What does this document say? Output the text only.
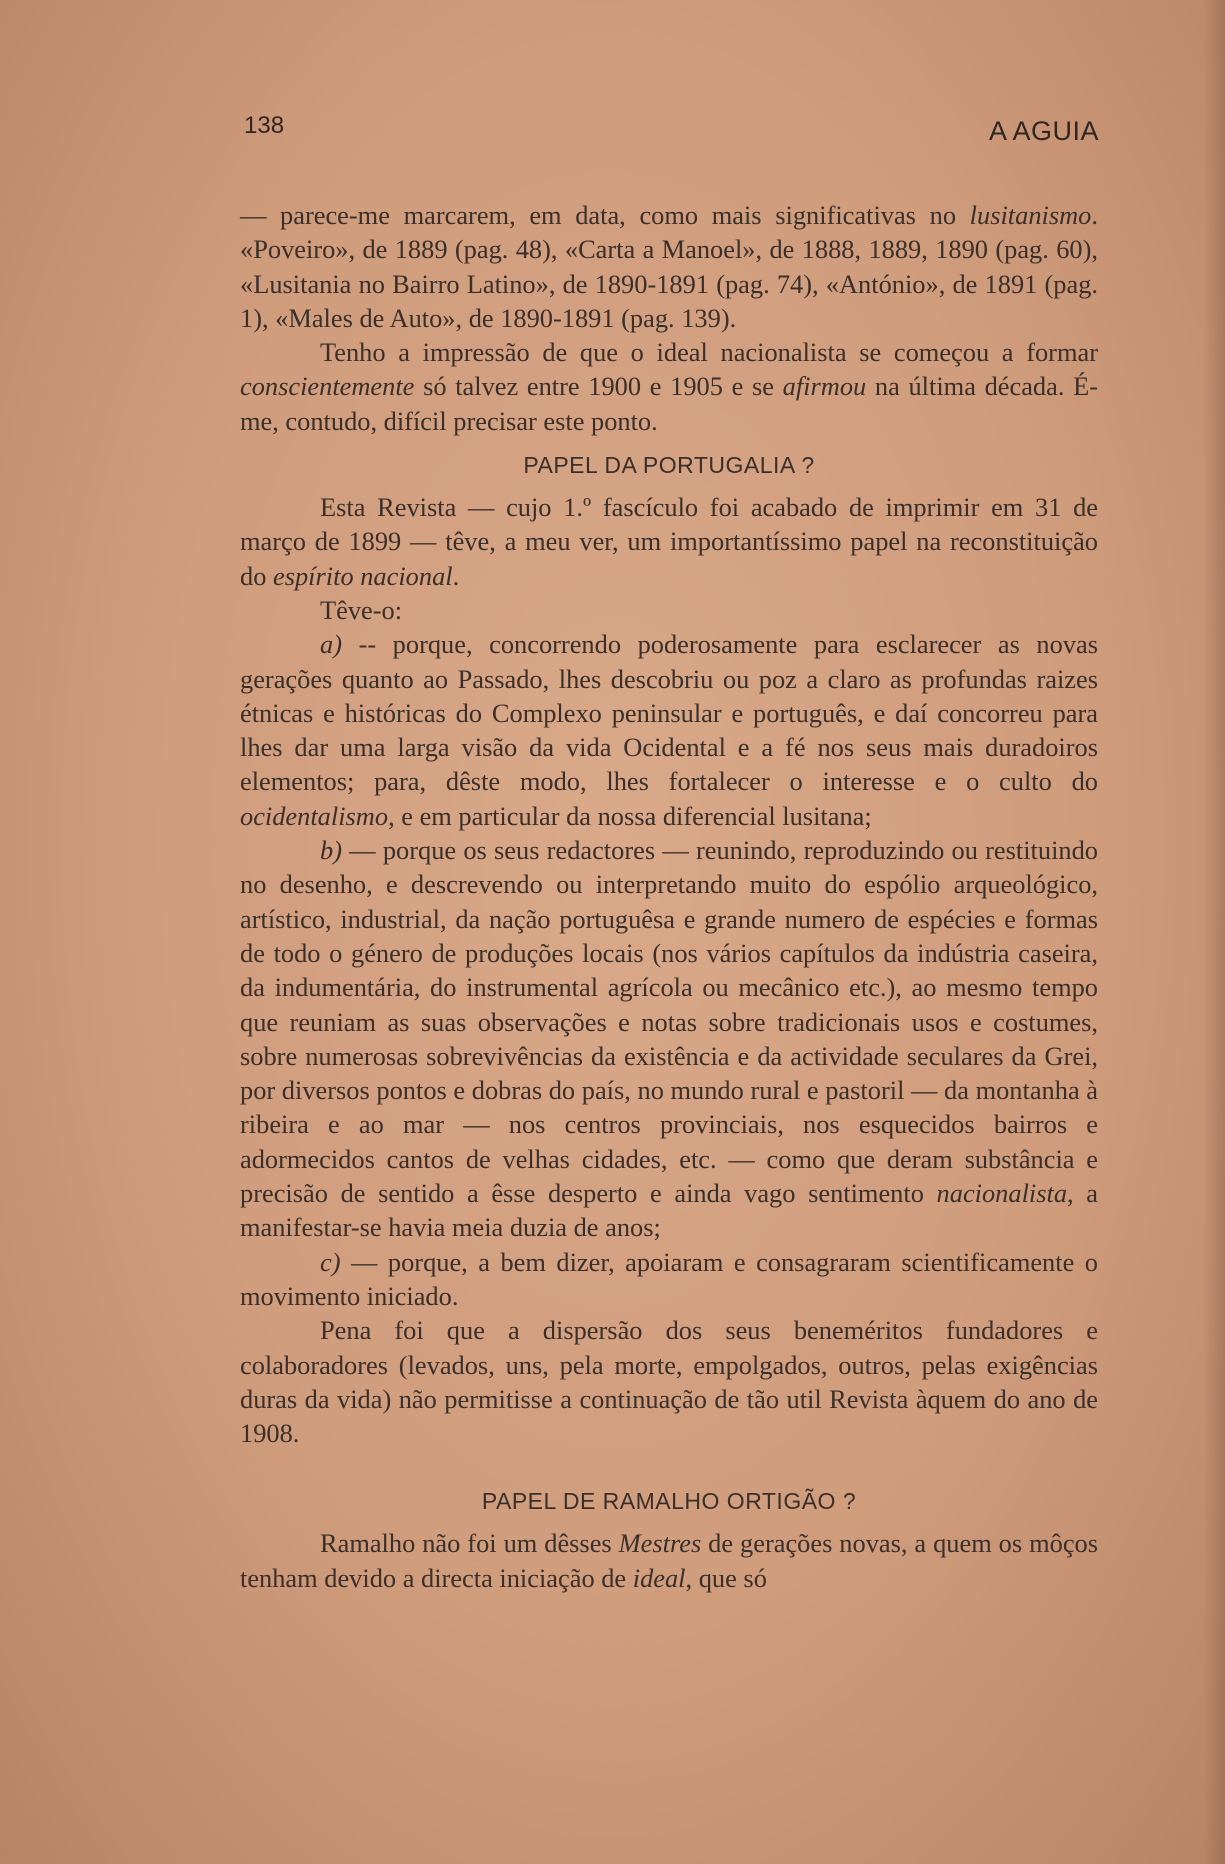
138	A AGUIA

— parece-me marcarem, em data, como mais significativas no lusitanismo. «Poveiro», de 1889 (pag. 48), «Carta a Manoel», de 1888, 1889, 1890 (pag. 60), «Lusitania no Bairro Latino», de 1890-1891 (pag. 74), «António», de 1891 (pag. 1), «Males de Auto», de 1890-1891 (pag. 139).

Tenho a impressão de que o ideal nacionalista se começou a formar conscientemente só talvez entre 1900 e 1905 e se afirmou na última década. É-me, contudo, difícil precisar este ponto.

PAPEL DA PORTUGALIA ?

Esta Revista — cujo 1.º fascículo foi acabado de imprimir em 31 de março de 1899 — têve, a meu ver, um importantíssimo papel na reconstituição do espírito nacional.

Têve-o:

a) -- porque, concorrendo poderosamente para esclarecer as novas gerações quanto ao Passado, lhes descobriu ou poz a claro as profundas raizes étnicas e históricas do Complexo peninsular e português, e daí concorreu para lhes dar uma larga visão da vida Ocidental e a fé nos seus mais duradoiros elementos; para, dêste modo, lhes fortalecer o interesse e o culto do ocidentalismo, e em particular da nossa diferencial lusitana;

b) — porque os seus redactores — reunindo, reproduzindo ou restituindo no desenho, e descrevendo ou interpretando muito do espólio arqueológico, artístico, industrial, da nação portuguêsa e grande numero de espécies e formas de todo o género de produções locais (nos vários capítulos da indústria caseira, da indumentária, do instrumental agrícola ou mecânico etc.), ao mesmo tempo que reuniam as suas observações e notas sobre tradicionais usos e costumes, sobre numerosas sobrevivências da existência e da actividade seculares da Grei, por diversos pontos e dobras do país, no mundo rural e pastoril — da montanha à ribeira e ao mar — nos centros provinciais, nos esquecidos bairros e adormecidos cantos de velhas cidades, etc. — como que deram substância e precisão de sentido a êsse desperto e ainda vago sentimento nacionalista, a manifestar-se havia meia duzia de anos;

c) — porque, a bem dizer, apoiaram e consagraram scientificamente o movimento iniciado.

Pena foi que a dispersão dos seus beneméritos fundadores e colaboradores (levados, uns, pela morte, empolgados, outros, pelas exigências duras da vida) não permitisse a continuação de tão util Revista àquem do ano de 1908.

PAPEL DE RAMALHO ORTIGÃO ?

Ramalho não foi um dêsses Mestres de gerações novas, a quem os môços tenham devido a directa iniciação de ideal, que só
